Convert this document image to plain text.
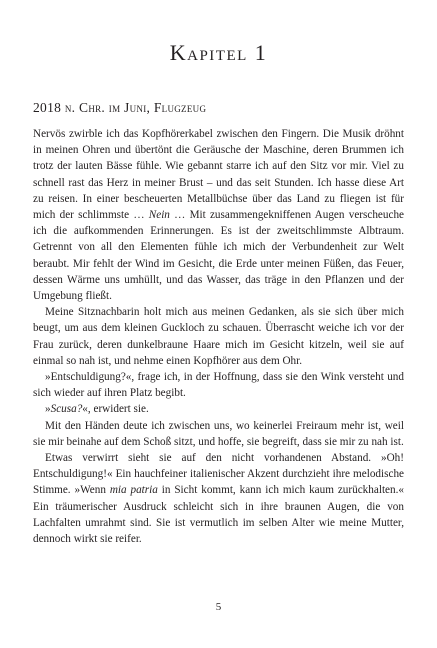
Kapitel 1
2018 n. Chr. im Juni, Flugzeug

Nervös zwirble ich das Kopfhörerkabel zwischen den Fingern. Die Musik dröhnt in meinen Ohren und übertönt die Geräusche der Maschine, deren Brummen ich trotz der lauten Bässe fühle. Wie gebannt starre ich auf den Sitz vor mir. Viel zu schnell rast das Herz in meiner Brust – und das seit Stunden. Ich hasse diese Art zu reisen. In einer bescheuerten Metallbüchse über das Land zu fliegen ist für mich der schlimmste … Nein … Mit zusammengekniffenen Augen verscheuche ich die aufkommenden Erinnerungen. Es ist der zweitschlimmste Albtraum. Getrennt von all den Elementen fühle ich mich der Verbundenheit zur Welt beraubt. Mir fehlt der Wind im Gesicht, die Erde unter meinen Füßen, das Feuer, dessen Wärme uns umhüllt, und das Wasser, das träge in den Pflanzen und der Umgebung fließt.

Meine Sitznachbarin holt mich aus meinen Gedanken, als sie sich über mich beugt, um aus dem kleinen Guckloch zu schauen. Überrascht weiche ich vor der Frau zurück, deren dunkelbraune Haare mich im Gesicht kitzeln, weil sie auf einmal so nah ist, und nehme einen Kopfhörer aus dem Ohr.

»Entschuldigung?«, frage ich, in der Hoffnung, dass sie den Wink versteht und sich wieder auf ihren Platz begibt.

»Scusa?«, erwidert sie.

Mit den Händen deute ich zwischen uns, wo keinerlei Freiraum mehr ist, weil sie mir beinahe auf dem Schoß sitzt, und hoffe, sie begreift, dass sie mir zu nah ist.

Etwas verwirrt sieht sie auf den nicht vorhandenen Abstand. »Oh! Entschuldigung!« Ein hauchfeiner italienischer Akzent durchzieht ihre melodische Stimme. »Wenn mia patria in Sicht kommt, kann ich mich kaum zurückhalten.« Ein träumerischer Ausdruck schleicht sich in ihre braunen Augen, die von Lachfalten umrahmt sind. Sie ist vermutlich im selben Alter wie meine Mutter, dennoch wirkt sie reifer.

5
